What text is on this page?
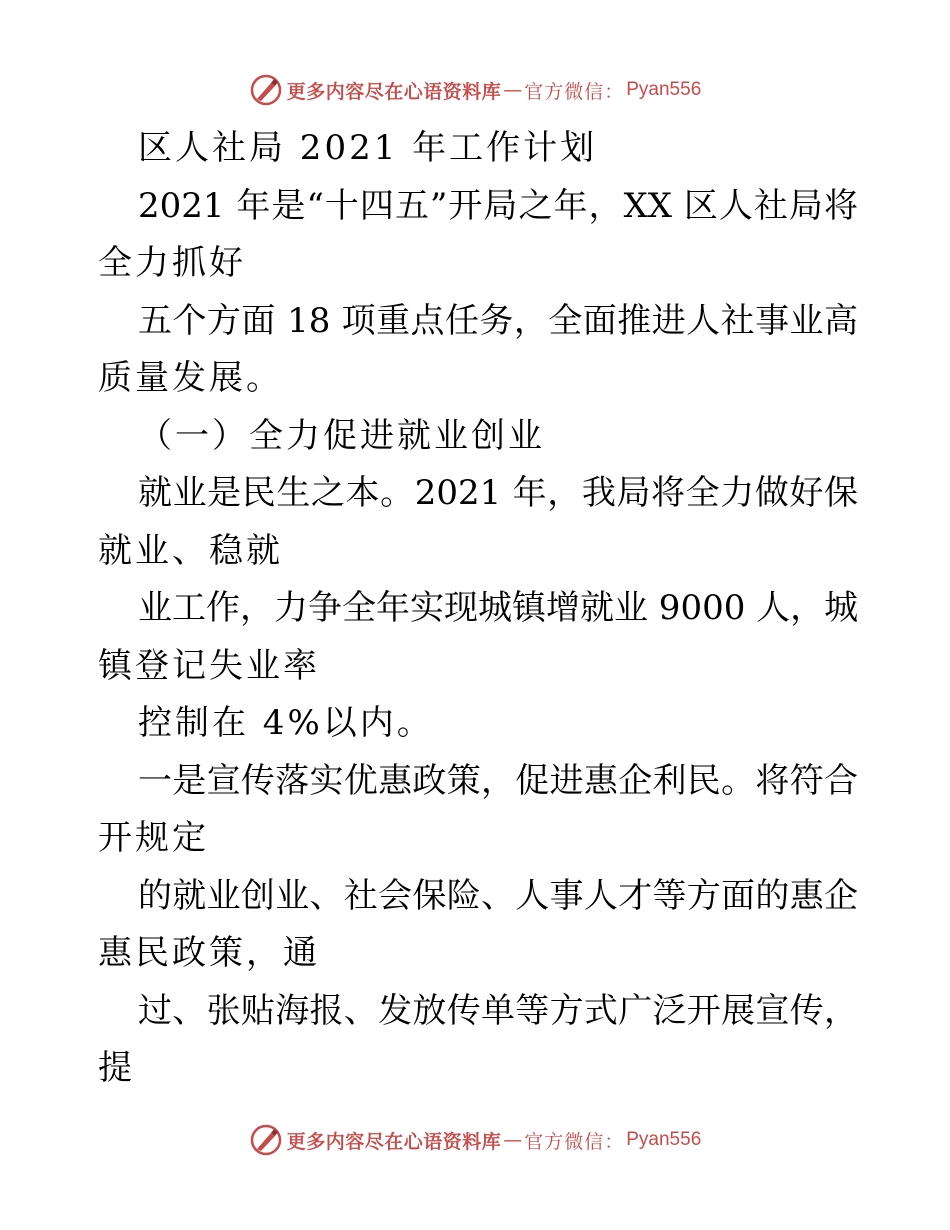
更多内容尽在心语资料库 — 官方微信： Pyan556
区人社局 2021 年工作计划
2021 年是“十四五”开局之年，XX 区人社局将
全力抓好
五个方面 18 项重点任务，全面推进人社事业高
质量发展。
（一）全力促进就业创业
就业是民生之本。2021 年，我局将全力做好保
就业、稳就
业工作，力争全年实现城镇增就业 9000 人，城
镇登记失业率
控制在 4%以内。
一是宣传落实优惠政策，促进惠企利民。将符合
开规定
的就业创业、社会保险、人事人才等方面的惠企
惠民政策，通
过、张贴海报、发放传单等方式广泛开展宣传，
提
更多内容尽在心语资料库 — 官方微信： Pyan556
